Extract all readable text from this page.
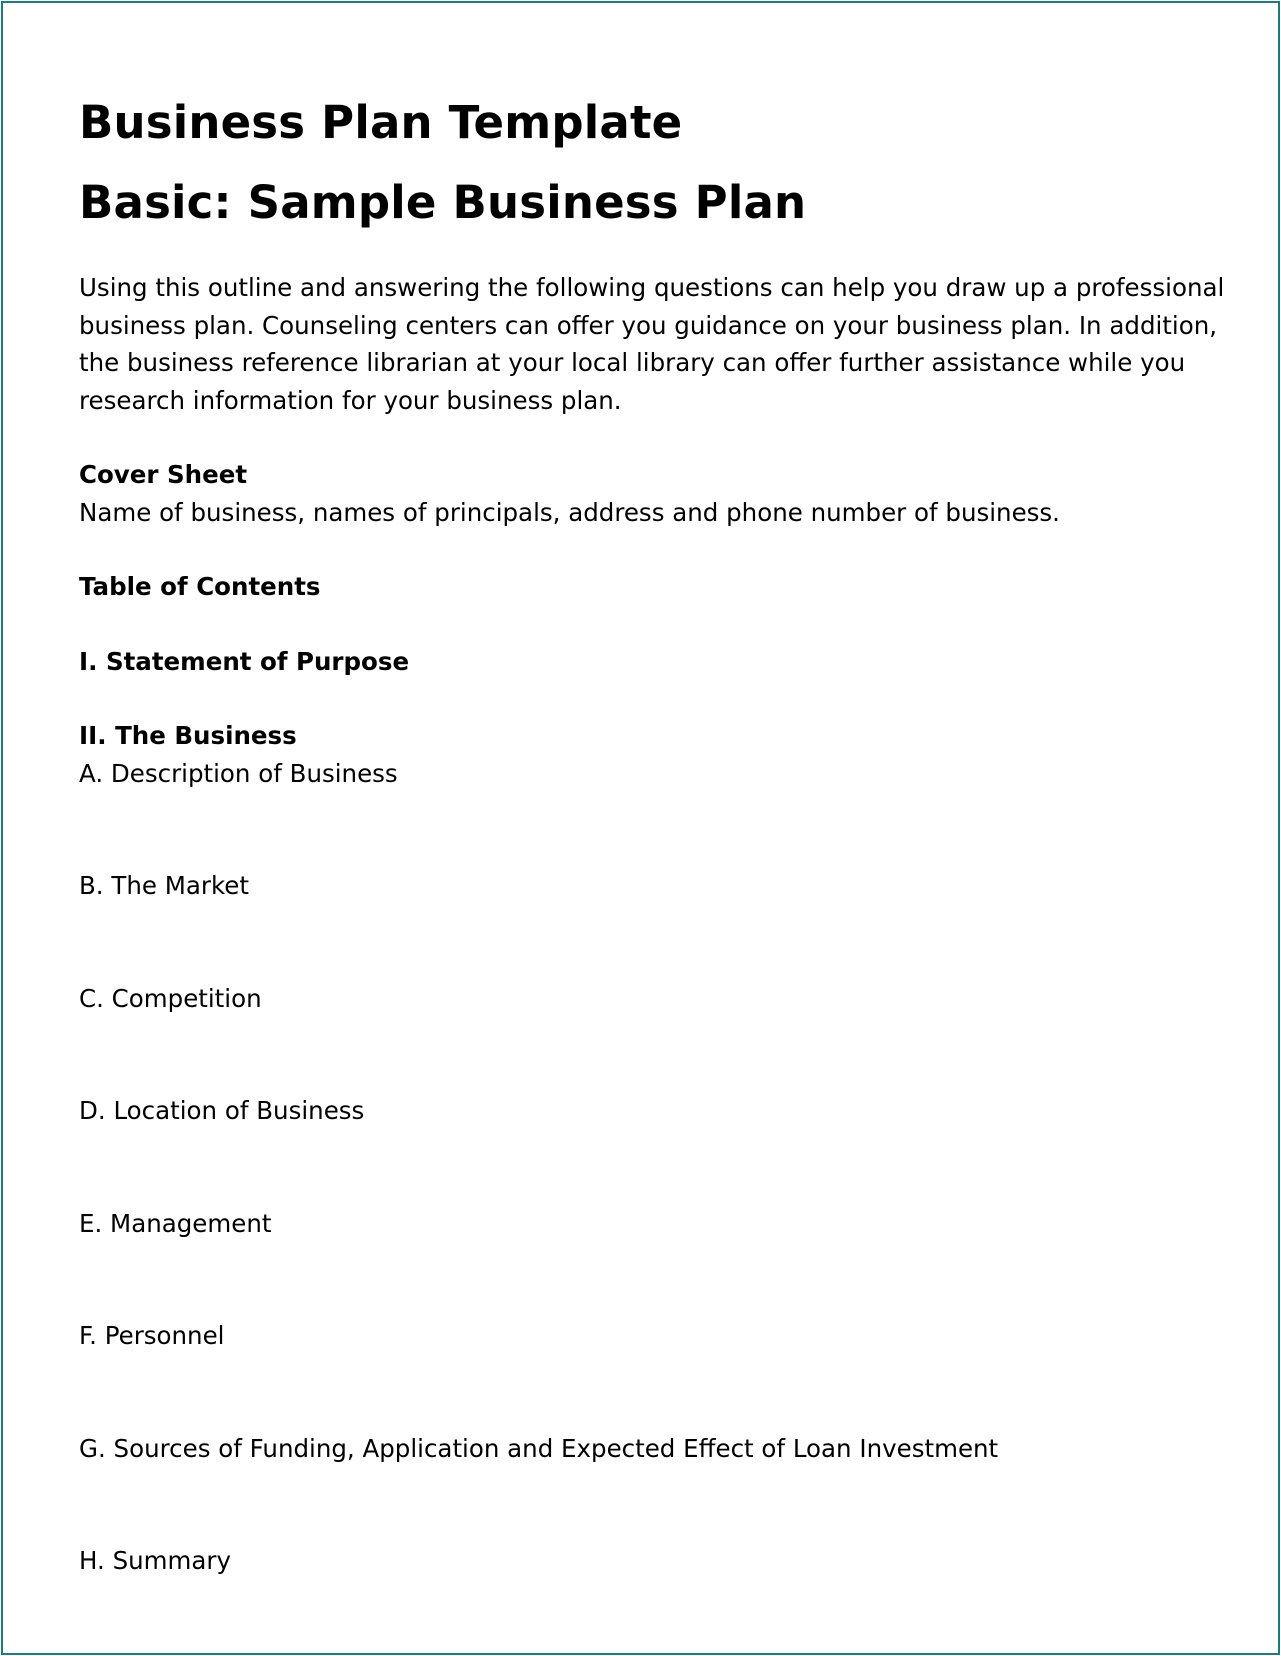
Business Plan Template
Basic: Sample Business Plan

Using this outline and answering the following questions can help you draw up a professional business plan. Counseling centers can offer you guidance on your business plan. In addition, the business reference librarian at your local library can offer further assistance while you research information for your business plan.

Cover Sheet

Name of business, names of principals, address and phone number of business.

Table of Contents

I. Statement of Purpose

II. The Business

A. Description of Business
B. The Market
C. Competition
D. Location of Business
E. Management
F. Personnel
G. Sources of Funding, Application and Expected Effect of Loan Investment
H. Summary
